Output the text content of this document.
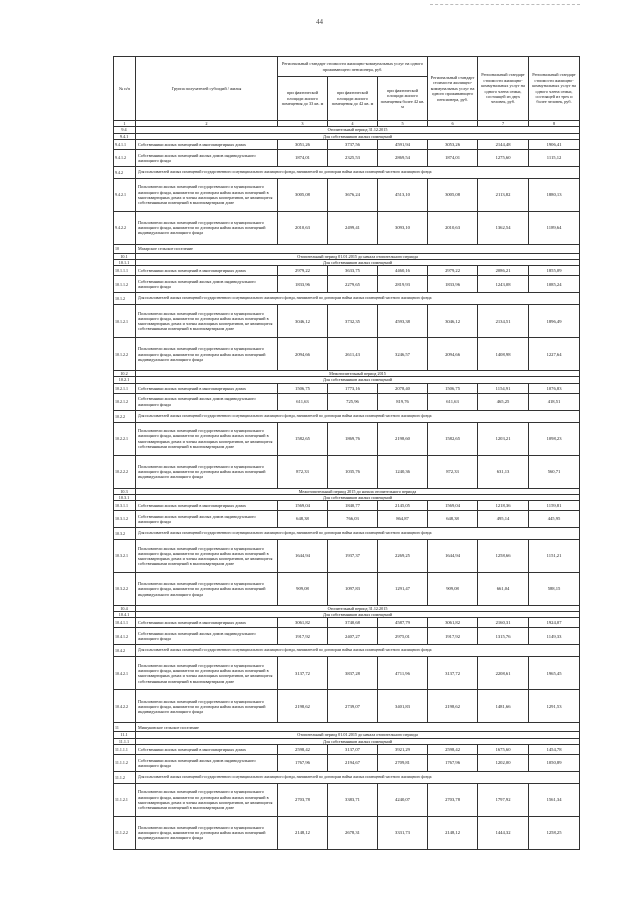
44
№ п/п	Группа получателей субсидий / жилья	Региональный стандарт стоимости жилищно-коммунальных услуг на одного проживающего пенсионера, руб.			Региональный стандарт стоимости жилищно-коммунальных услуг на одного проживающего пенсионера, руб.	Региональный стандарт стоимости жилищно-коммунальных услуг на одного члена семьи, состоящей из двух человек, руб.	Региональный стандарт стоимости жилищно-коммунальных услуг на одного члена семьи, состоящей из трех и более человек, руб.
		при фактической площади жилого помещения до 33 кв. м	при фактической площади жилого помещения до 42 кв. м	при фактической площади жилого помещения более 42 кв. м			
1	2	3	4	5	6	7	8
9.4	Отопительный период 31.12.2015						
9.4.1	Для собственников жилых помещений						
9.4.1.1	Собственники жилых помещений в многоквартирных домах	3051,26	3737,56	4591,94	3053,26	2144,48	1906,41
9.4.1.2	Собственники жилых помещений жилых домов индивидуального жилищного фонда	1874,01	2325,53	2869,54	1874,01	1275,60	1115,12
9.4.2	Для пользователей жилых помещений государственного и муниципального жилищного фонда, нанимателей по договорам найма жилых помещений частного жилищного фонда						
9.4.2.1	Пользователи жилых помещений государственного и муниципального жилищного фонда, наниматели по договорам найма жилых помещений в многоквартирных домах и члены жилищных кооперативов, не являющиеся собственниками помещений в многоквартирном доме	3005,08	3676,24	4513,10	3005,08	2113,82	1880,13
9.4.2.2	Пользователи жилых помещений государственного и муниципального жилищного фонда, наниматели по договорам найма жилых помещений индивидуального жилищного фонда	2010,63	2499,41	3093,10	2010,63	1362,54	1189,64
10	Мазарское сельское поселение						
10.1	Отопительный период 01.01.2015 до начала отопительного периода						
10.1.1	Для собственников жилых помещений						
10.1.1.1	Собственники жилых помещений в многоквартирных домах	2979,22	3633,75	4460,16	2979,22	2086,21	1855,09
10.1.1.2	Собственники жилых помещений жилых домов индивидуального жилищного фонда	1833,96	2279,65	2819,93	1833,96	1243,08	1085,24
10.1.2	Для пользователей жилых помещений государственного и муниципального жилищного фонда, нанимателей по договорам найма жилых помещений частного жилищного фонда						
10.1.2.1	Пользователи жилых помещений государственного и муниципального жилищного фонда, наниматели по договорам найма жилых помещений в многоквартирных домах и члены жилищных кооперативов, не являющиеся собственниками помещений в многоквартирном доме	3046,12	3732,35	4593,38	3046,12	2134,51	1896,49
10.1.2.2	Пользователи жилых помещений государственного и муниципального жилищного фонда, наниматели по договорам найма жилых помещений индивидуального жилищного фонда	2094,66	2611,43	3246,57	2094,66	1408,98	1227,64
10.2	Межотопительный период 2015						
10.2.1	Для собственников жилых помещений						
10.2.1.1	Собственники жилых помещений в многоквартирных домах	1506,75	1773,16	2078,40	1506,75	1154,91	1076,83
10.2.1.2	Собственники жилых помещений жилых домов индивидуального жилищного фонда	611,63	725,96	819,76	611,63	465,25	418,51
10.2.2	Для пользователей жилых помещений государственного и муниципального жилищного фонда, нанимателей по договорам найма жилых помещений частного жилищного фонда						
10.2.2.1	Пользователи жилых помещений государственного и муниципального жилищного фонда, наниматели по договорам найма жилых помещений в многоквартирных домах и члены жилищных кооперативов, не являющиеся собственниками помещений в многоквартирном доме	1582,65	1869,76	2198,60	1582,65	1203,21	1098,23
10.2.2.2	Пользователи жилых помещений государственного и муниципального жилищного фонда, наниматели по договорам найма жилых помещений индивидуального жилищного фонда	872,33	1035,76	1240,36	872,33	631,13	560,71
10.3	Межотопительный период 2015 до начала отопительного периода						
10.3.1	Для собственников жилых помещений						
10.3.1.1	Собственники жилых помещений в многоквартирных домах	1569,04	1840,77	2145,05	1569,04	1218,36	1159,81
10.3.1.2	Собственники жилых помещений жилых домов индивидуального жилищного фонда	648,38	766,03	864,87	648,38	495,14	445,95
10.3.2	Для пользователей жилых помещений государственного и муниципального жилищного фонда, нанимателей по договорам найма жилых помещений частного жилищного фонда						
10.3.2.1	Пользователи жилых помещений государственного и муниципального жилищного фонда, наниматели по договорам найма жилых помещений в многоквартирных домах и члены жилищных кооперативов, не являющиеся собственниками помещений в многоквартирном доме	1644,94	1937,37	2269,25	1644,94	1258,66	1151,21
10.3.2.2	Пользователи жилых помещений государственного и муниципального жилищного фонда, наниматели по договорам найма жилых помещений индивидуального жилищного фонда	909,08	1097,83	1291,47	909,08	661,04	588,15
10.4	Отопительный период 31.12.2015						
10.4.1	Для собственников жилых помещений						
10.4.1.1	Собственники жилых помещений в многоквартирных домах	3061,82	3740,68	4587,79	3061,82	2160,31	1924,07
10.4.1.2	Собственники жилых помещений жилых домов индивидуального жилищного фонда	1917,92	2407,27	2975,01	1917,92	1315,76	1149,33
10.4.2	Для пользователей жилых помещений государственного и муниципального жилищного фонда, нанимателей по договорам найма жилых помещений частного жилищного фонда						
10.4.2.1	Пользователи жилых помещений государственного и муниципального жилищного фонда, наниматели по договорам найма жилых помещений в многоквартирных домах и члены жилищных кооперативов, не являющиеся собственниками помещений в многоквартирном доме	3137,72	3837,28	4711,96	3137,72	2208,61	1965,45
10.4.2.2	Пользователи жилых помещений государственного и муниципального жилищного фонда, наниматели по договорам найма жилых помещений индивидуального жилищного фонда	2198,62	2739,07	3401,83	2198,62	1481,66	1291,53
11	Мишуковское сельское поселение						
11.1	Отопительный период 01.01.2015 до начала отопительного периода						
11.1.1	Для собственников жилых помещений						
11.1.1.1	Собственники жилых помещений в многоквартирных домах	2598,42	3137,07	3921,29	2598,42	1675,60	1454,78
11.1.1.2	Собственники жилых помещений жилых домов индивидуального жилищного фонда	1767,96	2194,67	2709,81	1767,96	1202,00	1050,89
11.1.2	Для пользователей жилых помещений государственного и муниципального жилищного фонда, нанимателей по договорам найма жилых помещений частного жилищного фонда						
11.1.2.1	Пользователи жилых помещений государственного и муниципального жилищного фонда, наниматели по договорам найма жилых помещений в многоквартирных домах и члены жилищных кооперативов, не являющиеся собственниками помещений в многоквартирном доме	2703,78	3383,71	4240,07	2703,78	1797,92	1561,34
11.1.2.2	Пользователи жилых помещений государственного и муниципального жилищного фонда, наниматели по договорам найма жилых помещений индивидуального жилищного фонда	2148,12	2678,31	3331,73	2148,12	1444,32	1258,25
